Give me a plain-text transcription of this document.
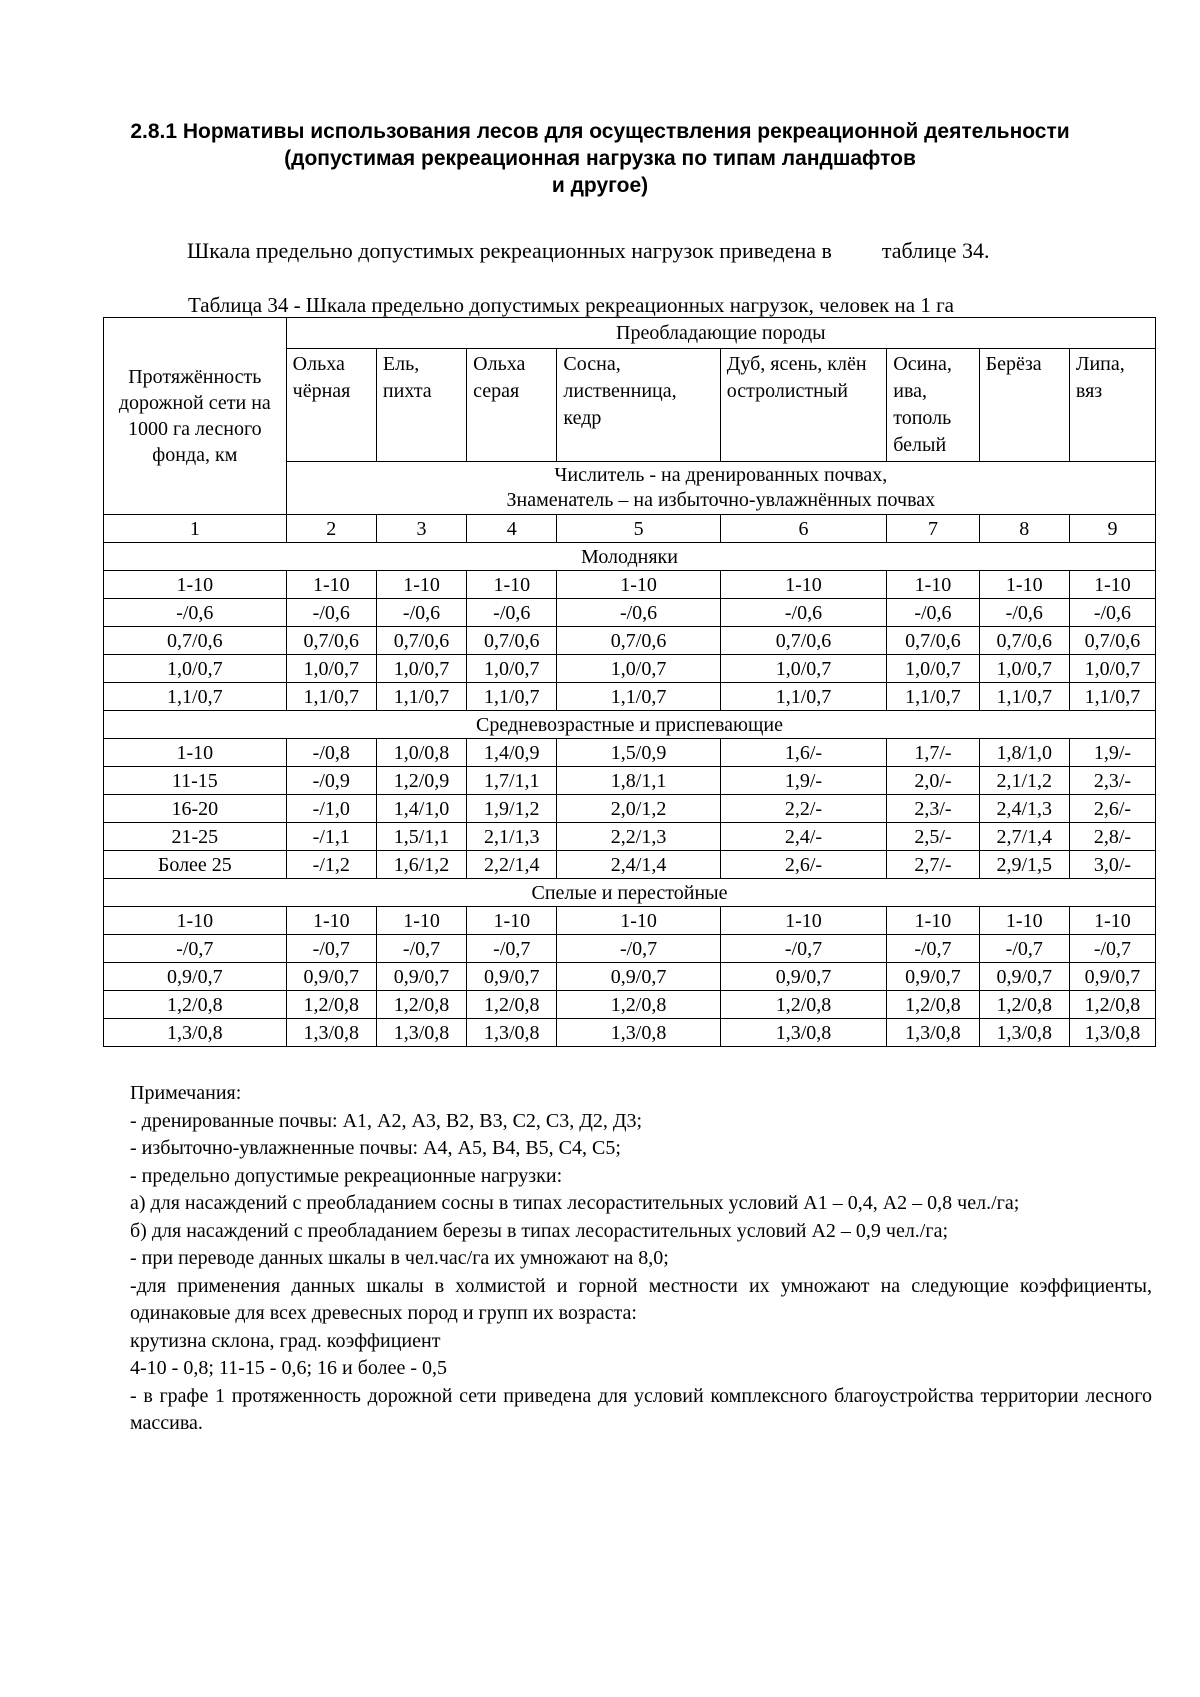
2.8.1 Нормативы использования лесов для осуществления рекреационной деятельности
(допустимая рекреационная нагрузка по типам ландшафтов
и другое)
Шкала предельно допустимых рекреационных нагрузок приведена в таблице 34.
Таблица 34 - Шкала предельно допустимых рекреационных нагрузок, человек на 1 га
Протяжённость дорожной сети на 1000 га лесного фонда, км	Преобладающие породы							
	Ольха чёрная	Ель, пихта	Ольха серая	Сосна, лиственница, кедр	Дуб, ясень, клён остролистный	Осина, ива, тополь белый	Берёза	Липа, вяз

	Числитель - на дренированных почвах,
Знаменатель – на избыточно-увлажнённых почвах							

1	2	3	4	5	6	7	8	9
Молодняки								
1-10	1-10	1-10	1-10	1-10	1-10	1-10	1-10	1-10
-/0,6	-/0,6	-/0,6	-/0,6	-/0,6	-/0,6	-/0,6	-/0,6	-/0,6
0,7/0,6	0,7/0,6	0,7/0,6	0,7/0,6	0,7/0,6	0,7/0,6	0,7/0,6	0,7/0,6	0,7/0,6
1,0/0,7	1,0/0,7	1,0/0,7	1,0/0,7	1,0/0,7	1,0/0,7	1,0/0,7	1,0/0,7	1,0/0,7
1,1/0,7	1,1/0,7	1,1/0,7	1,1/0,7	1,1/0,7	1,1/0,7	1,1/0,7	1,1/0,7	1,1/0,7
Средневозрастные и приспевающие								
1-10	-/0,8	1,0/0,8	1,4/0,9	1,5/0,9	1,6/-	1,7/-	1,8/1,0	1,9/-
11-15	-/0,9	1,2/0,9	1,7/1,1	1,8/1,1	1,9/-	2,0/-	2,1/1,2	2,3/-
16-20	-/1,0	1,4/1,0	1,9/1,2	2,0/1,2	2,2/-	2,3/-	2,4/1,3	2,6/-
21-25	-/1,1	1,5/1,1	2,1/1,3	2,2/1,3	2,4/-	2,5/-	2,7/1,4	2,8/-
Более 25	-/1,2	1,6/1,2	2,2/1,4	2,4/1,4	2,6/-	2,7/-	2,9/1,5	3,0/-
Спелые и перестойные								
1-10	1-10	1-10	1-10	1-10	1-10	1-10	1-10	1-10
-/0,7	-/0,7	-/0,7	-/0,7	-/0,7	-/0,7	-/0,7	-/0,7	-/0,7
0,9/0,7	0,9/0,7	0,9/0,7	0,9/0,7	0,9/0,7	0,9/0,7	0,9/0,7	0,9/0,7	0,9/0,7
1,2/0,8	1,2/0,8	1,2/0,8	1,2/0,8	1,2/0,8	1,2/0,8	1,2/0,8	1,2/0,8	1,2/0,8
1,3/0,8	1,3/0,8	1,3/0,8	1,3/0,8	1,3/0,8	1,3/0,8	1,3/0,8	1,3/0,8	1,3/0,8
Примечания:
- дренированные почвы: А1, А2, А3, В2, В3, С2, С3, Д2, Д3;
- избыточно-увлажненные почвы: А4, А5, В4, В5, С4, С5;
- предельно допустимые рекреационные нагрузки:
а) для насаждений с преобладанием сосны в типах лесорастительных условий А1 – 0,4, А2 – 0,8 чел./га;
б) для насаждений с преобладанием березы в типах лесорастительных условий А2 – 0,9 чел./га;
- при переводе данных шкалы в чел.час/га их умножают на 8,0;
-для применения данных шкалы в холмистой и горной местности их умножают на следующие коэффициенты, одинаковые для всех древесных пород и групп их возраста:
крутизна склона, град. коэффициент
4-10 - 0,8; 11-15 - 0,6; 16 и более - 0,5
- в графе 1 протяженность дорожной сети приведена для условий комплексного благоустройства территории лесного массива.
